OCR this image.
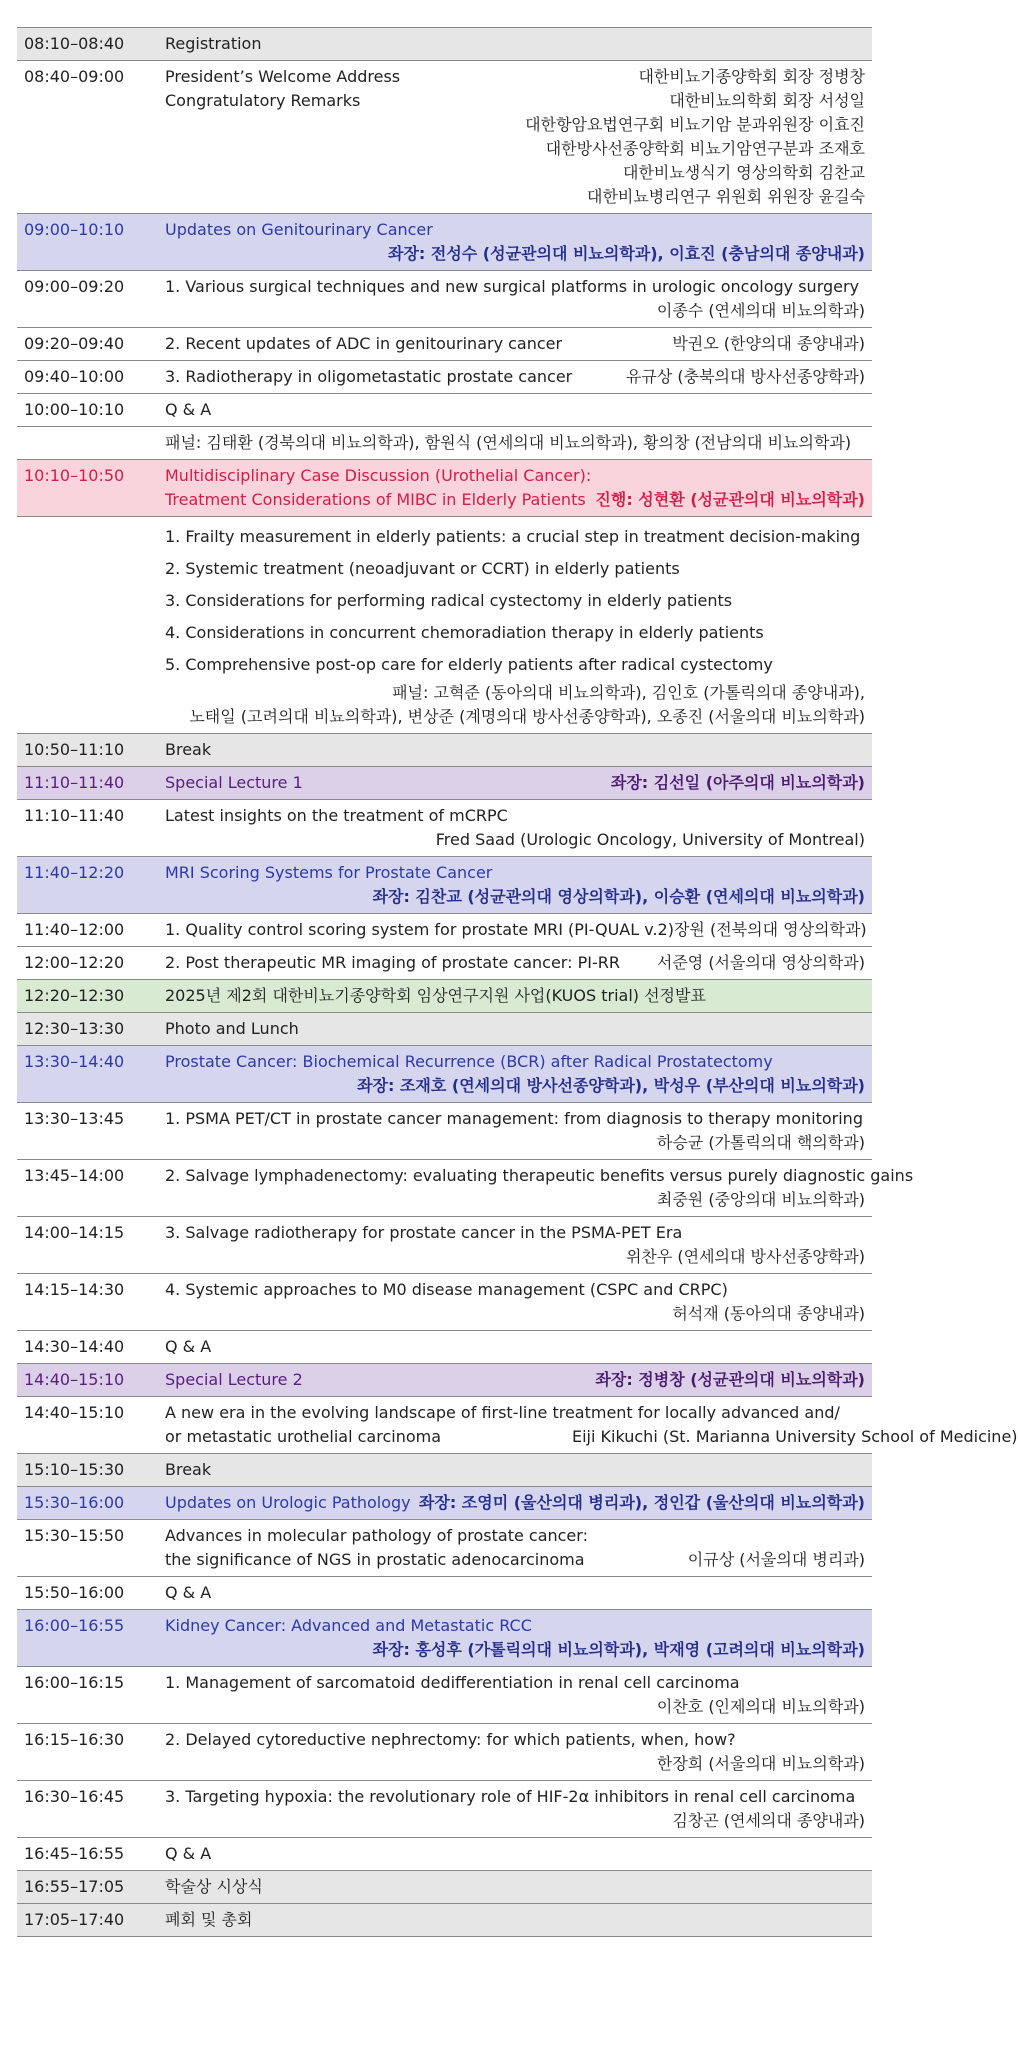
08:10–08:40	Registration
08:40–09:00	President’s Welcome Address	대한비뇨기종양학회 회장 정병창
Congratulatory Remarks	대한비뇨의학회 회장 서성일
대한항암요법연구회 비뇨기암 분과위원장 이효진
대한방사선종양학회 비뇨기암연구분과 조재호
대한비뇨생식기 영상의학회 김찬교
대한비뇨병리연구 위원회 위원장 윤길숙
09:00–10:10	Updates on Genitourinary Cancer
좌장: 전성수 (성균관의대 비뇨의학과), 이효진 (충남의대 종양내과)
09:00–09:20	1. Various surgical techniques and new surgical platforms in urologic oncology surgery
이종수 (연세의대 비뇨의학과)
09:20–09:40	2. Recent updates of ADC in genitourinary cancer	박권오 (한양의대 종양내과)
09:40–10:00	3. Radiotherapy in oligometastatic prostate cancer	유규상 (충북의대 방사선종양학과)
10:00–10:10	Q & A
패널: 김태환 (경북의대 비뇨의학과), 함원식 (연세의대 비뇨의학과), 황의창 (전남의대 비뇨의학과)
10:10–10:50	Multidisciplinary Case Discussion (Urothelial Cancer):
Treatment Considerations of MIBC in Elderly Patients 진행: 성현환 (성균관의대 비뇨의학과)
1. Frailty measurement in elderly patients: a crucial step in treatment decision-making
2. Systemic treatment (neoadjuvant or CCRT) in elderly patients
3. Considerations for performing radical cystectomy in elderly patients
4. Considerations in concurrent chemoradiation therapy in elderly patients
5. Comprehensive post-op care for elderly patients after radical cystectomy
패널: 고혁준 (동아의대 비뇨의학과), 김인호 (가톨릭의대 종양내과),
노태일 (고려의대 비뇨의학과), 변상준 (계명의대 방사선종양학과), 오종진 (서울의대 비뇨의학과)
10:50–11:10	Break
11:10–11:40	Special Lecture 1	좌장: 김선일 (아주의대 비뇨의학과)
11:10–11:40	Latest insights on the treatment of mCRPC
Fred Saad (Urologic Oncology, University of Montreal)
11:40–12:20	MRI Scoring Systems for Prostate Cancer
좌장: 김찬교 (성균관의대 영상의학과), 이승환 (연세의대 비뇨의학과)
11:40–12:00	1. Quality control scoring system for prostate MRI (PI-QUAL v.2) 장원 (전북의대 영상의학과)
12:00–12:20	2. Post therapeutic MR imaging of prostate cancer: PI-RR 서준영 (서울의대 영상의학과)
12:20–12:30	2025년 제2회 대한비뇨기종양학회 임상연구지원 사업(KUOS trial) 선정발표
12:30–13:30	Photo and Lunch
13:30–14:40	Prostate Cancer: Biochemical Recurrence (BCR) after Radical Prostatectomy
좌장: 조재호 (연세의대 방사선종양학과), 박성우 (부산의대 비뇨의학과)
13:30–13:45	1. PSMA PET/CT in prostate cancer management: from diagnosis to therapy monitoring
하승균 (가톨릭의대 핵의학과)
13:45–14:00	2. Salvage lymphadenectomy: evaluating therapeutic benefits versus purely diagnostic gains
최중원 (중앙의대 비뇨의학과)
14:00–14:15	3. Salvage radiotherapy for prostate cancer in the PSMA-PET Era
위찬우 (연세의대 방사선종양학과)
14:15–14:30	4. Systemic approaches to M0 disease management (CSPC and CRPC)
허석재 (동아의대 종양내과)
14:30–14:40	Q & A
14:40–15:10	Special Lecture 2	좌장: 정병창 (성균관의대 비뇨의학과)
14:40–15:10	A new era in the evolving landscape of first-line treatment for locally advanced and/
or metastatic urothelial carcinoma	Eiji Kikuchi (St. Marianna University School of Medicine)
15:10–15:30	Break
15:30–16:00	Updates on Urologic Pathology 좌장: 조영미 (울산의대 병리과), 정인갑 (울산의대 비뇨의학과)
15:30–15:50	Advances in molecular pathology of prostate cancer:
the significance of NGS in prostatic adenocarcinoma	이규상 (서울의대 병리과)
15:50–16:00	Q & A
16:00–16:55	Kidney Cancer: Advanced and Metastatic RCC
좌장: 홍성후 (가톨릭의대 비뇨의학과), 박재영 (고려의대 비뇨의학과)
16:00–16:15	1. Management of sarcomatoid dedifferentiation in renal cell carcinoma
이찬호 (인제의대 비뇨의학과)
16:15–16:30	2. Delayed cytoreductive nephrectomy: for which patients, when, how?
한장희 (서울의대 비뇨의학과)
16:30–16:45	3. Targeting hypoxia: the revolutionary role of HIF-2α inhibitors in renal cell carcinoma
김창곤 (연세의대 종양내과)
16:45–16:55	Q & A
16:55–17:05	학술상 시상식
17:05–17:40	폐회 및 총회
